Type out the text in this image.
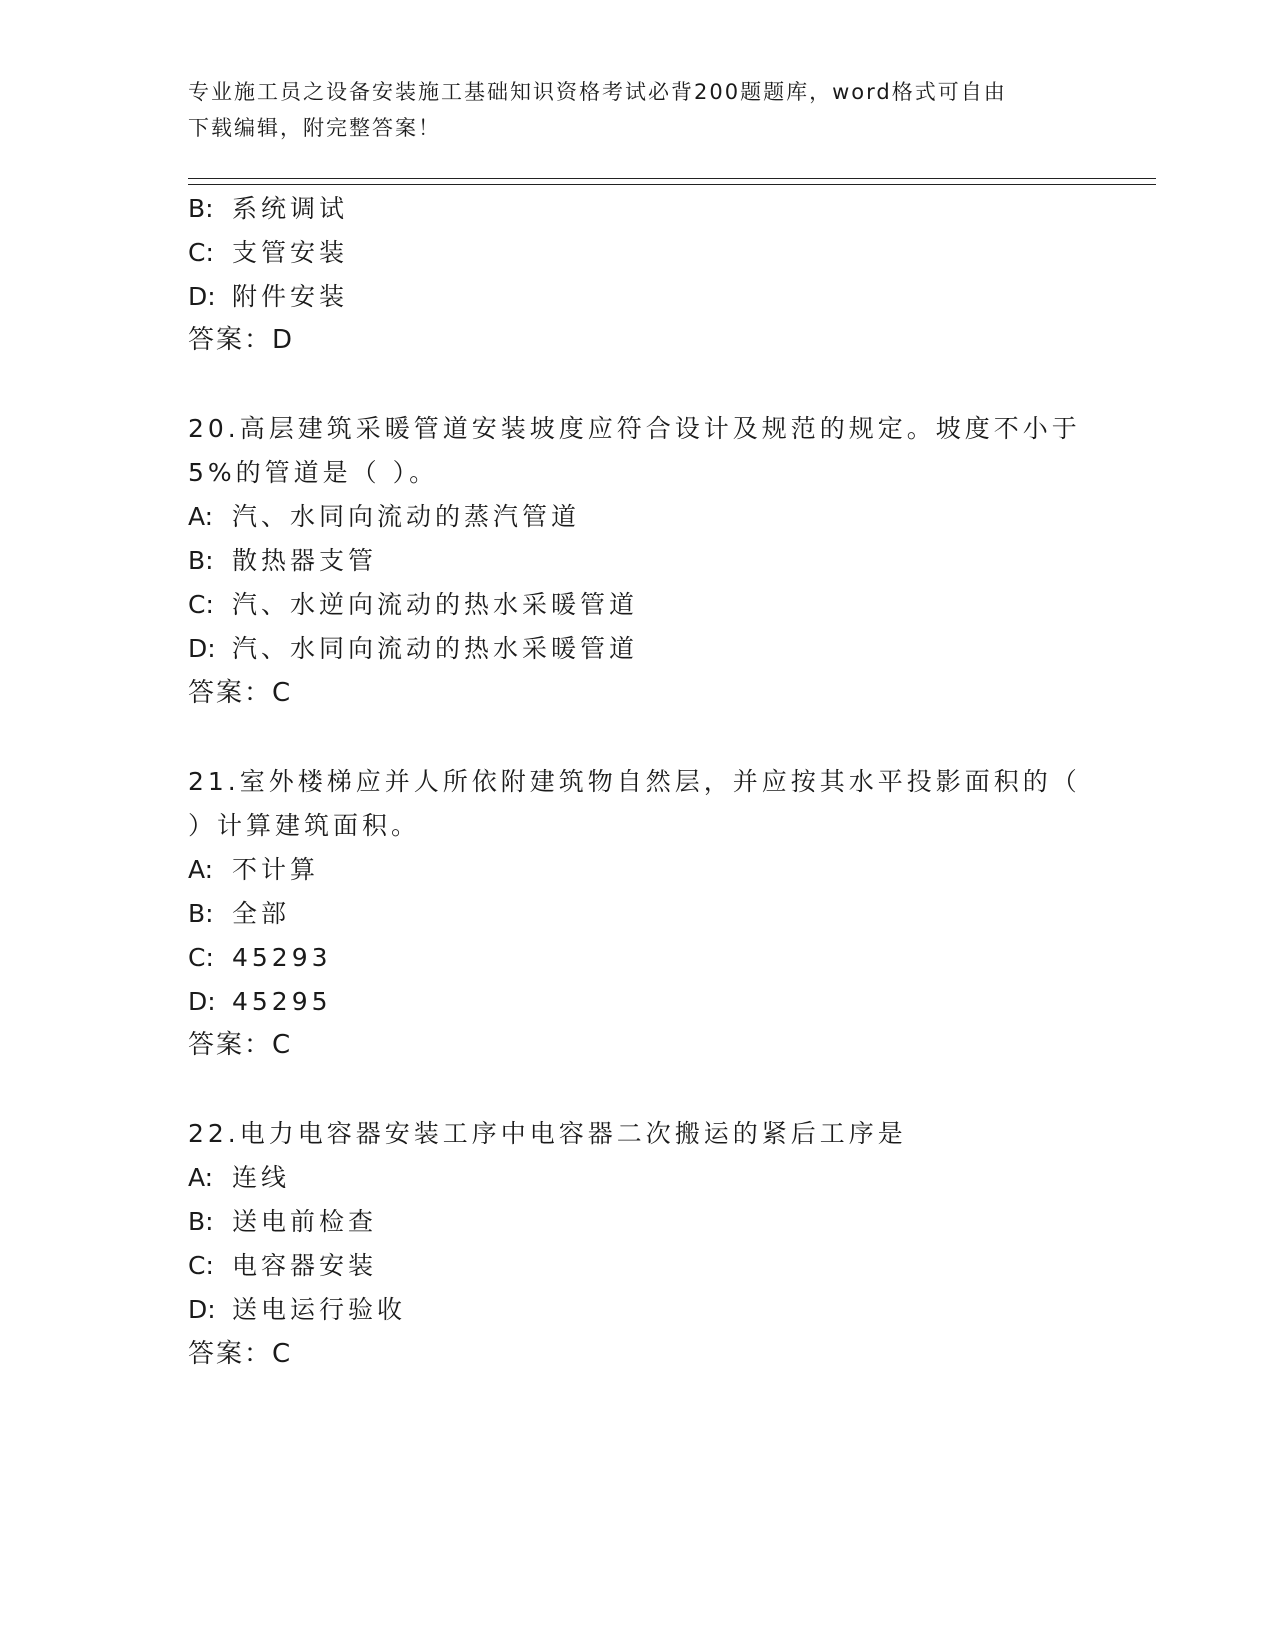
专业施工员之设备安装施工基础知识资格考试必背200题题库，word格式可自由
下载编辑，附完整答案！
B: 系统调试
C: 支管安装
D: 附件安装
答案：D
20.高层建筑采暖管道安装坡度应符合设计及规范的规定。坡度不小于
5%的管道是（ ）。
A: 汽、水同向流动的蒸汽管道
B: 散热器支管
C: 汽、水逆向流动的热水采暖管道
D: 汽、水同向流动的热水采暖管道
答案：C
21.室外楼梯应并人所依附建筑物自然层，并应按其水平投影面积的（
）计算建筑面积。
A: 不计算
B: 全部
C: 45293
D: 45295
答案：C
22.电力电容器安装工序中电容器二次搬运的紧后工序是
A: 连线
B: 送电前检查
C: 电容器安装
D: 送电运行验收
答案：C
